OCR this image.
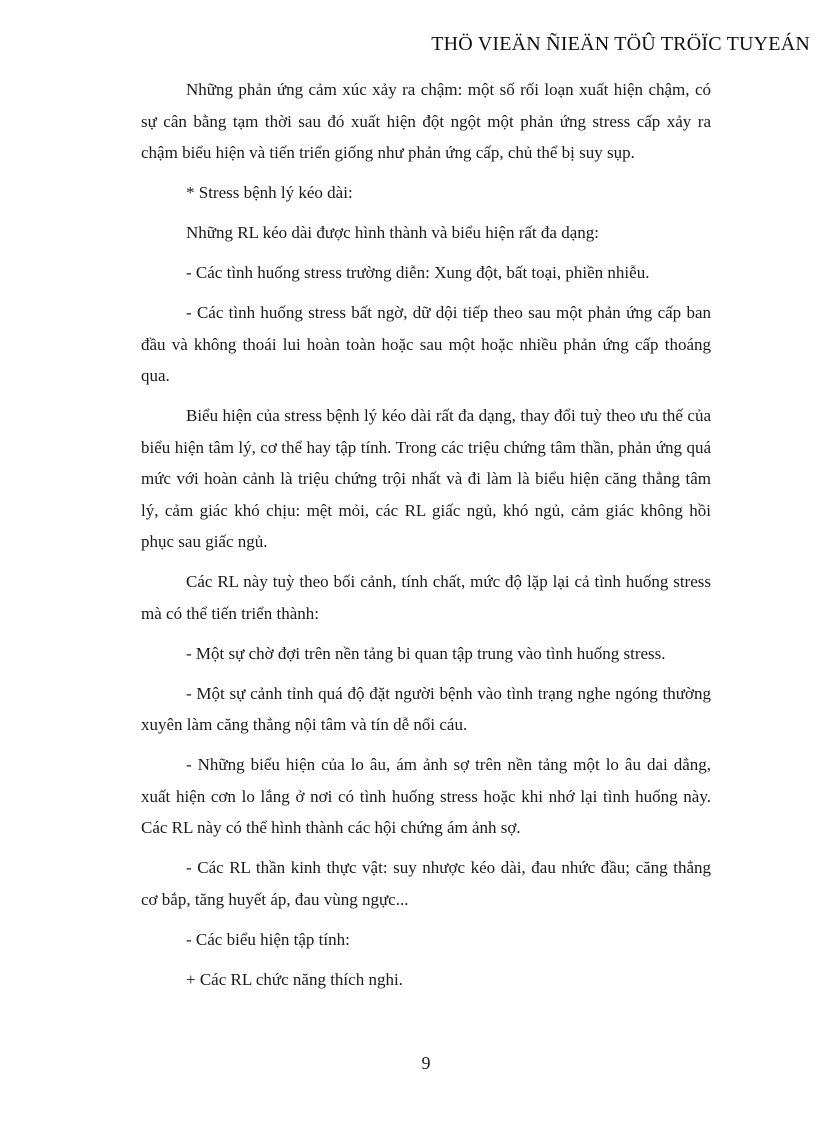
THÖ VIEÄN ÑIEÄN TÖÛ TRÖÏC TUYEÁN

Những phản ứng cảm xúc xảy ra chậm: một số rối loạn xuất hiện chậm, có sự cân bằng tạm thời sau đó xuất hiện đột ngột một phản ứng stress cấp xảy ra chậm biểu hiện và tiến triển giống như phản ứng cấp, chủ thể bị suy sụp.

* Stress bệnh lý kéo dài:

Những RL kéo dài được hình thành và biểu hiện rất đa dạng:

- Các tình huống stress trường diễn: Xung đột, bất toại, phiền nhiễu.

- Các tình huống stress bất ngờ, dữ dội tiếp theo sau một phản ứng cấp ban đầu và không thoái lui hoàn toàn hoặc sau một hoặc nhiều phản ứng cấp thoáng qua.

Biểu hiện của stress bệnh lý kéo dài rất đa dạng, thay đổi tuỳ theo ưu thế của biểu hiện tâm lý, cơ thể hay tập tính. Trong các triệu chứng tâm thần, phản ứng quá mức với hoàn cảnh là triệu chứng trội nhất và đi làm là biểu hiện căng thẳng tâm lý, cảm giác khó chịu: mệt mỏi, các RL giấc ngủ, khó ngủ, cảm giác không hồi phục sau giấc ngủ.

Các RL này tuỳ theo bối cảnh, tính chất, mức độ lặp lại cả tình huống stress mà có thể tiến triển thành:

- Một sự chờ đợi trên nền tảng bi quan tập trung vào tình huống stress.

- Một sự cảnh tỉnh quá độ đặt người bệnh vào tình trạng nghe ngóng thường xuyên làm căng thẳng nội tâm và tín dễ nổi cáu.

- Những biểu hiện của lo âu, ám ảnh sợ trên nền tảng một lo âu dai dẳng, xuất hiện cơn lo lắng ở nơi có tình huống stress hoặc khi nhớ lại tình huống này. Các RL này có thể hình thành các hội chứng ám ảnh sợ.

- Các RL thần kinh thực vật: suy nhược kéo dài, đau nhức đầu; căng thẳng cơ bắp, tăng huyết áp, đau vùng ngực...

- Các biểu hiện tập tính:

+ Các RL chức năng thích nghi.

9
